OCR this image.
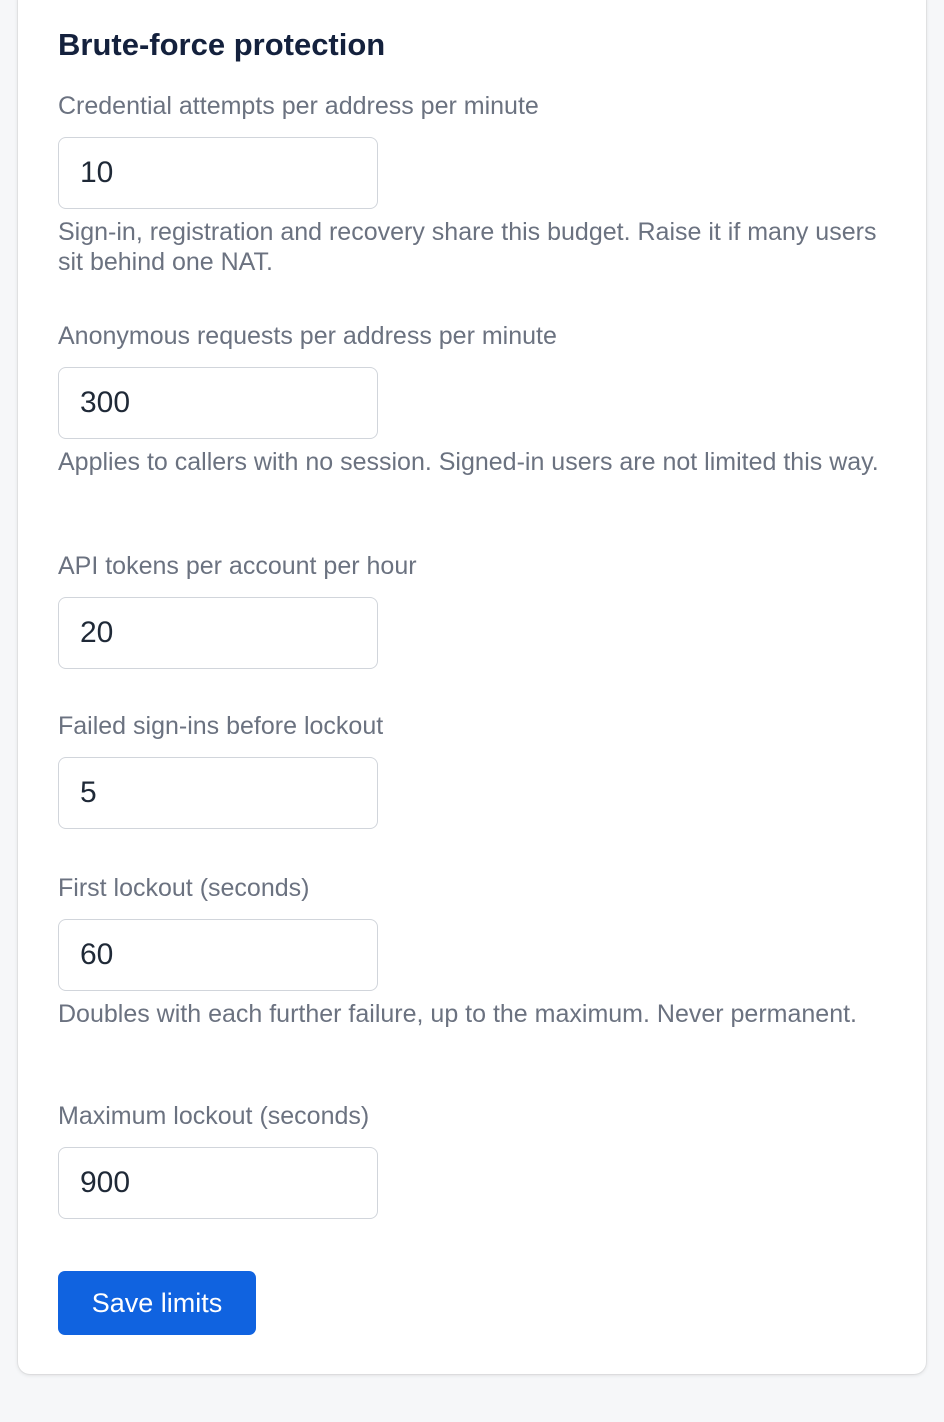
Brute-force protection
Credential attempts per address per minute
10
Sign-in, registration and recovery share this budget. Raise it if many users sit behind one NAT.
Anonymous requests per address per minute
300
Applies to callers with no session. Signed-in users are not limited this way.
API tokens per account per hour
20
Failed sign-ins before lockout
5
First lockout (seconds)
60
Doubles with each further failure, up to the maximum. Never permanent.
Maximum lockout (seconds)
900
Save limits
